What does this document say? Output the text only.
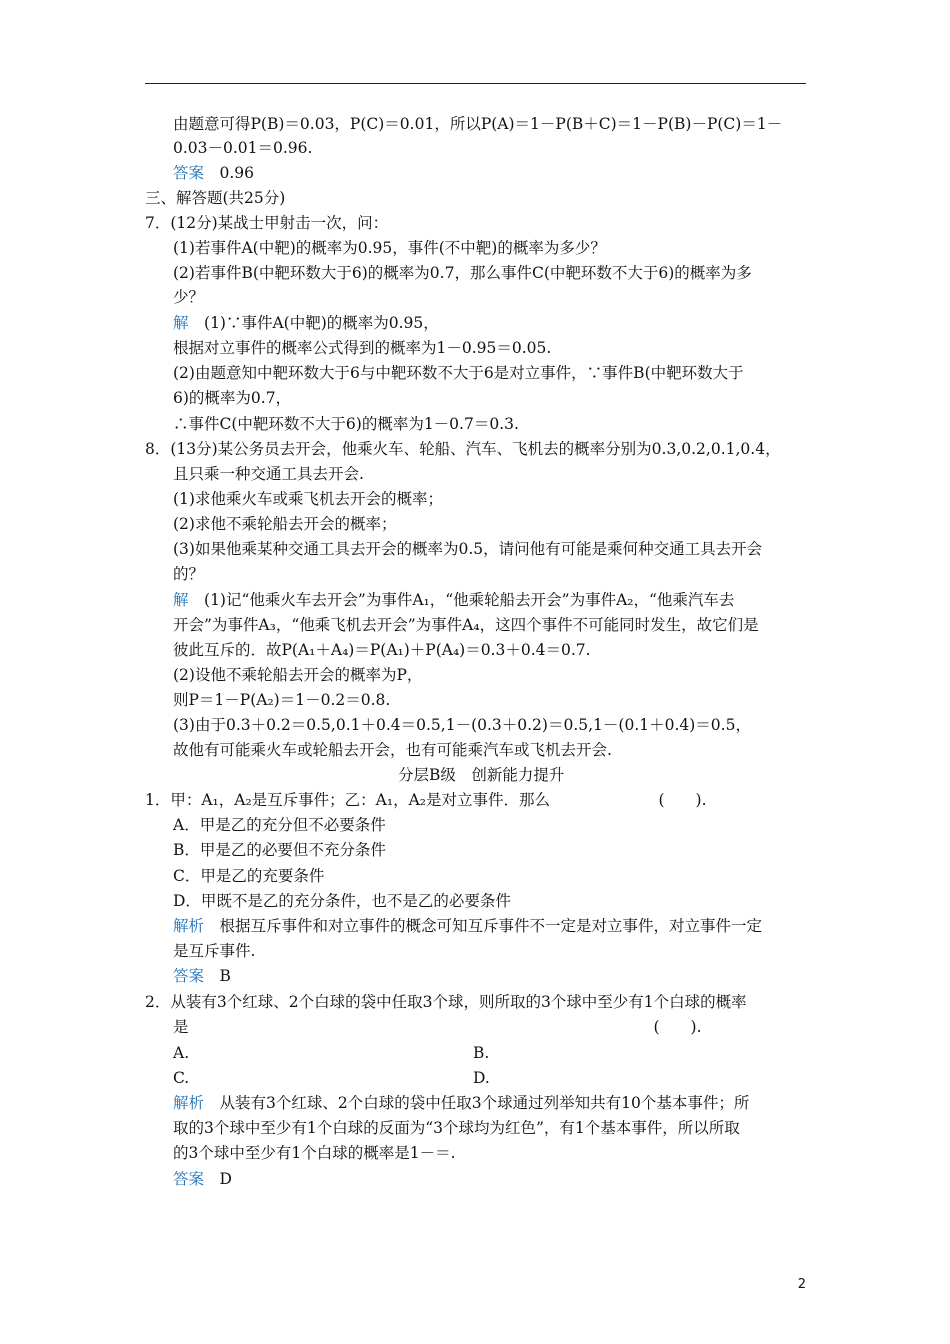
由题意可得P(B)＝0.03，P(C)＝0.01，所以P(A)＝1－P(B＋C)＝1－P(B)－P(C)＝1－
0.03－0.01＝0.96.
答案　0.96
三、解答题(共25分)
7．(12分)某战士甲射击一次，问：
(1)若事件A(中靶)的概率为0.95，事件(不中靶)的概率为多少？
(2)若事件B(中靶环数大于6)的概率为0.7，那么事件C(中靶环数不大于6)的概率为多
少？
解　(1)∵事件A(中靶)的概率为0.95，
根据对立事件的概率公式得到的概率为1－0.95＝0.05.
(2)由题意知中靶环数大于6与中靶环数不大于6是对立事件，∵事件B(中靶环数大于
6)的概率为0.7，
∴事件C(中靶环数不大于6)的概率为1－0.7＝0.3.
8．(13分)某公务员去开会，他乘火车、轮船、汽车、飞机去的概率分别为0.3,0.2,0.1,0.4，
且只乘一种交通工具去开会.
(1)求他乘火车或乘飞机去开会的概率；
(2)求他不乘轮船去开会的概率；
(3)如果他乘某种交通工具去开会的概率为0.5，请问他有可能是乘何种交通工具去开会
的？
解　(1)记“他乘火车去开会”为事件A₁，“他乘轮船去开会”为事件A₂，“他乘汽车去
开会”为事件A₃，“他乘飞机去开会”为事件A₄，这四个事件不可能同时发生，故它们是
彼此互斥的．故P(A₁＋A₄)＝P(A₁)＋P(A₄)＝0.3＋0.4＝0.7.
(2)设他不乘轮船去开会的概率为P，
则P＝1－P(A₂)＝1－0.2＝0.8.
(3)由于0.3＋0.2＝0.5,0.1＋0.4＝0.5,1－(0.3＋0.2)＝0.5,1－(0.1＋0.4)＝0.5，
故他有可能乘火车或轮船去开会，也有可能乘汽车或飞机去开会.
分层B级　创新能力提升
1．甲：A₁，A₂是互斥事件；乙：A₁，A₂是对立事件．那么　　　　　　　(　　).
A．甲是乙的充分但不必要条件
B．甲是乙的必要但不充分条件
C．甲是乙的充要条件
D．甲既不是乙的充分条件，也不是乙的必要条件
解析　根据互斥事件和对立事件的概念可知互斥事件不一定是对立事件，对立事件一定
是互斥事件.
答案　B
2．从装有3个红球、2个白球的袋中任取3个球，则所取的3个球中至少有1个白球的概率
是　　　　　　　　　　　　　　　　　　　　　　　　　　　　　　(　　).
A.	B.
C.	D.
解析　从装有3个红球、2个白球的袋中任取3个球通过列举知共有10个基本事件；所
取的3个球中至少有1个白球的反面为“3个球均为红色”，有1个基本事件，所以所取
的3个球中至少有1个白球的概率是1－＝.
答案　D
2
